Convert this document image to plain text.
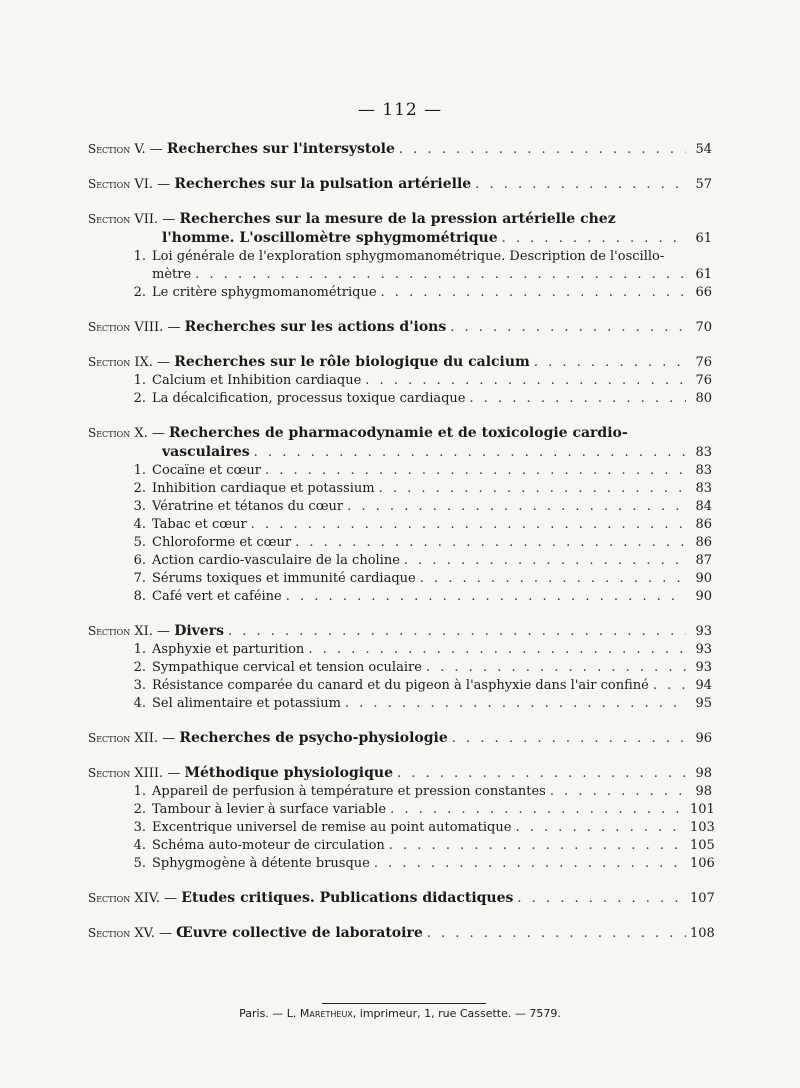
— 112 —
Section V. — Recherches sur l'intersystole . . .	54
Section VI. — Recherches sur la pulsation artérielle . . .	57
Section VII. — Recherches sur la mesure de la pression artérielle chez
l'homme. L'oscillomètre sphygmométrique . . .	61
1. Loi générale de l'exploration sphygmomanométrique. Description de l'oscillo-
mètre . . .	61
2. Le critère sphygmomanométrique . . .	66
Section VIII. — Recherches sur les actions d'ions . . .	70
Section IX. — Recherches sur le rôle biologique du calcium . . .	76
1. Calcium et Inhibition cardiaque . . .	76
2. La décalcification, processus toxique cardiaque . . .	80
Section X. — Recherches de pharmacodynamie et de toxicologie cardio-
vasculaires . . .	83
1. Cocaïne et cœur . . .	83
2. Inhibition cardiaque et potassium . . .	83
3. Vératrine et tétanos du cœur . . .	84
4. Tabac et cœur . . .	86
5. Chloroforme et cœur . . .	86
6. Action cardio-vasculaire de la choline . . .	87
7. Sérums toxiques et immunité cardiaque . . .	90
8. Café vert et caféine . . .	90
Section XI. — Divers . . .	93
1. Asphyxie et parturition . . .	93
2. Sympathique cervical et tension oculaire . . .	93
3. Résistance comparée du canard et du pigeon à l'asphyxie dans l'air confiné . . .	94
4. Sel alimentaire et potassium . . .	95
Section XII. — Recherches de psycho-physiologie . . .	96
Section XIII. — Méthodique physiologique . . .	98
1. Appareil de perfusion à température et pression constantes . . .	98
2. Tambour à levier à surface variable . . .	101
3. Excentrique universel de remise au point automatique . . .	103
4. Schéma auto-moteur de circulation . . .	105
5. Sphygmogène à détente brusque . . .	106
Section XIV. — Etudes critiques. Publications didactiques . . .	107
Section XV. — Œuvre collective de laboratoire . . .	108
Paris. — L. Maretheux, imprimeur, 1, rue Cassette. — 7579.
